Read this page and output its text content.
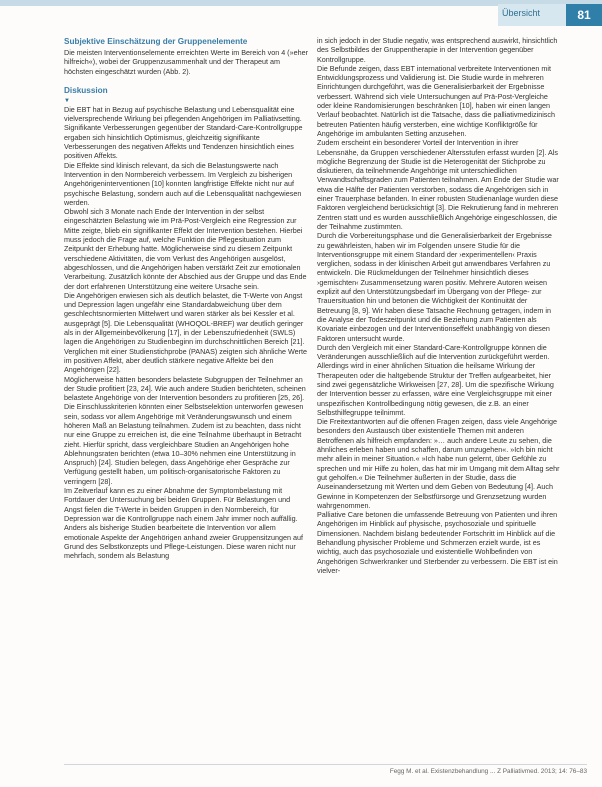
Übersicht	81
Subjektive Einschätzung der Gruppenelemente

Die meisten Interventionselemente erreichten Werte im Bereich von 4 (»eher hilfreich«), wobei der Gruppenzusammenhalt und der Therapeut am höchsten eingeschätzt wurden (Abb. 2).

Diskussion
▼

Die EBT hat in Bezug auf psychische Belastung und Lebensqualität eine vielversprechende Wirkung bei pflegenden Angehörigen im Palliativsetting. Signifikante Verbesserungen gegenüber der Standard-Care-Kontrollgruppe ergaben sich hinsichtlich Optimismus, gleichzeitig signifikante Verbesserungen des negativen Affekts und Tendenzen hinsichtlich eines positiven Affekts.

Die Effekte sind klinisch relevant, da sich die Belastungswerte nach Intervention in den Normbereich verbessern. Im Vergleich zu bisherigen Angehörigeninterventionen [10] konnten langfristige Effekte nicht nur auf psychische Belastung, sondern auch auf die Lebensqualität nachgewiesen werden.

Obwohl sich 3 Monate nach Ende der Intervention in der selbst eingeschätzten Belastung wie im Prä-Post-Vergleich eine Regression zur Mitte zeigte, blieb ein signifikanter Effekt der Intervention bestehen. Hierbei muss jedoch die Frage auf, welche Funktion die Pflegesituation zum Zeitpunkt der Erhebung hatte. Möglicherweise sind zu diesem Zeitpunkt verschiedene Aktivitäten, die vom Verlust des Angehörigen ausgelöst, abgeschlossen, und die Angehörigen haben verstärkt Zeit zur emotionalen Verarbeitung. Zusätzlich könnte der Abschied aus der Gruppe und das Ende der dort erfahrenen Unterstützung eine weitere Ursache sein.

Die Angehörigen erwiesen sich als deutlich belastet, die T-Werte von Angst und Depression lagen ungefähr eine Standardabweichung über dem geschlechtsnormierten Mittelwert und waren stärker als bei Kessler et al. ausgeprägt [5]. Die Lebensqualität (WHOQOL-BREF) war deutlich geringer als in der Allgemeinbevölkerung [17], in der Lebenszufriedenheit (SWLS) lagen die Angehörigen zu Studienbeginn im durchschnittlichen Bereich [21]. Verglichen mit einer Studienstichprobe (PANAS) zeigten sich ähnliche Werte im positiven Affekt, aber deutlich stärkere negative Affekte bei den Angehörigen [22].

Möglicherweise hätten besonders belastete Subgruppen der Teilnehmer an der Studie profitiert [23, 24]. Wie auch andere Studien berichteten, scheinen belastete Angehörige von der Intervention besonders zu profitieren [25, 26]. Die Einschlusskriterien könnten einer Selbstselektion unterworfen gewesen sein, sodass vor allem Angehörige mit Veränderungswunsch und einem höheren Maß an Belastung teilnahmen. Zudem ist zu beachten, dass nicht nur eine Gruppe zu erreichen ist, die eine Teilnahme überhaupt in Betracht zieht. Hierfür spricht, dass vergleichbare Studien an Angehörigen hohe Ablehnungsraten berichten (etwa 10–30% nehmen eine Unterstützung in Anspruch) [24]. Studien belegen, dass Angehörige eher Gespräche zur Verfügung gestellt haben, um politisch-organisatorische Faktoren zu verringern [28].

Im Zeitverlauf kann es zu einer Abnahme der Symptombelastung mit Fortdauer der Untersuchung bei beiden Gruppen. Für Belastungen und Angst fielen die T-Werte in beiden Gruppen in den Normbereich, für Depression war die Kontrollgruppe nach einem Jahr immer noch auffällig.

Anders als bisherige Studien bearbeitete die Intervention vor allem emotionale Aspekte der Angehörigen anhand zweier Gruppensitzungen auf Grund des Selbstkonzepts und Pflege-Leistungen. Diese waren nicht nur mehrfach, sondern als Belastung

in sich jedoch in der Studie negativ, was entsprechend auswirkt, hinsichtlich des Selbstbildes der Gruppentherapie in der Intervention gegenüber Kontrollgruppe.

Die Befunde zeigen, dass EBT international verbreitete Interventionen mit Entwicklungsprozess und Validierung ist. Die Studie wurde in mehreren Einrichtungen durchgeführt, was die Generalisierbarkeit der Ergebnisse verbessert. Während sich viele Untersuchungen auf Prä-Post-Vergleiche oder kleine Randomisierungen beschränken [10], haben wir einen langen Verlauf beobachtet. Natürlich ist die Tatsache, dass die palliativmedizinisch betreuten Patienten häufig versterben, eine wichtige Konfliktgröße für Angehörige im ambulanten Setting anzusehen.

Zudem erscheint ein besonderer Vorteil der Intervention in ihrer Lebensnähe, da Gruppen verschiedener Altersstufen erfasst wurden [2]. Als mögliche Begrenzung der Studie ist die Heterogenität der Stichprobe zu diskutieren, da teilnehmende Angehörige mit unterschiedlichen Verwandtschaftsgraden zum Patienten teilnahmen. Am Ende der Studie war etwa die Hälfte der Patienten verstorben, sodass die Angehörigen sich in einer Trauerphase befanden. In einer robusten Studienanlage wurden diese Faktoren vergleichend berücksichtigt [3]. Die Rekrutierung fand in mehreren Zentren statt und es wurden ausschließlich Angehörige eingeschlossen, die der Teilnahme zustimmten.

Durch die Vorbereitungsphase und die Generalisierbarkeit der Ergebnisse zu gewährleisten, haben wir im Folgenden unsere Studie für die Interventionsgruppe mit einem Standard der ›experimentellen‹ Praxis verglichen, sodass in der klinischen Arbeit gut anwendbares Verfahren zu entwickeln. Die Rückmeldungen der Teilnehmer hinsichtlich dieses ›gemischten‹ Zusammensetzung waren positiv. Mehrere Autoren weisen explizit auf den Unterstützungsbedarf im Übergang von der Pflege- zur Trauersituation hin und betonen die Wichtigkeit der Kontinuität der Betreuung [8, 9]. Wir haben diese Tatsache Rechnung getragen, indem in die Analyse der Todeszeitpunkt und die Beziehung zum Patienten als Kovariate einbezogen und der Interventionseffekt unabhängig von diesen Faktoren untersucht wurde.

Durch den Vergleich mit einer Standard-Care-Kontrollgruppe können die Veränderungen ausschließlich auf die Intervention zurückgeführt werden. Allerdings wird in einer ähnlichen Situation die heilsame Wirkung der Therapeuten oder die haltgebende Struktur der Treffen aufgearbeitet, hier sind zwei gegensätzliche Wirkweisen [27, 28]. Um die spezifische Wirkung der Intervention besser zu erfassen, wäre eine Vergleichsgruppe mit einer unspezifischen Kontrollbedingung nötig gewesen, die z.B. an einer Selbsthilfegruppe teilnimmt.

Die Freitextantworten auf die offenen Fragen zeigen, dass viele Angehörige besonders den Austausch über existentielle Themen mit anderen Betroffenen als hilfreich empfanden: »… auch andere Leute zu sehen, die ähnliches erleben haben und schaffen, darum umzugehen«. »Ich bin nicht mehr allein in meiner Situation.« »Ich habe nun gelernt, über Gefühle zu sprechen und mir Hilfe zu holen, das hat mir im Umgang mit dem Alltag sehr gut geholfen.« Die Teilnehmer äußerten in der Studie, dass die Auseinandersetzung mit Werten und dem Geben von Bedeutung [4]. Auch Gewinne in Kompetenzen der Selbstfürsorge und Grenzsetzung wurden wahrgenommen.

Palliative Care betonen die umfassende Betreuung von Patienten und ihren Angehörigen im Hinblick auf physische, psychosoziale und spirituelle Dimensionen. Nachdem bislang bedeutender Fortschritt im Hinblick auf die Behandlung physischer Probleme und Schmerzen erzielt wurde, ist es wichtig, auch das psychosoziale und existentielle Wohlbefinden von Angehörigen Schwerkranker und Sterbender zu verbessern. Die EBT ist ein vielver-

Fegg M. et al. Existenzbehandlung ... Z Palliativmed. 2013; 14: 76–83
